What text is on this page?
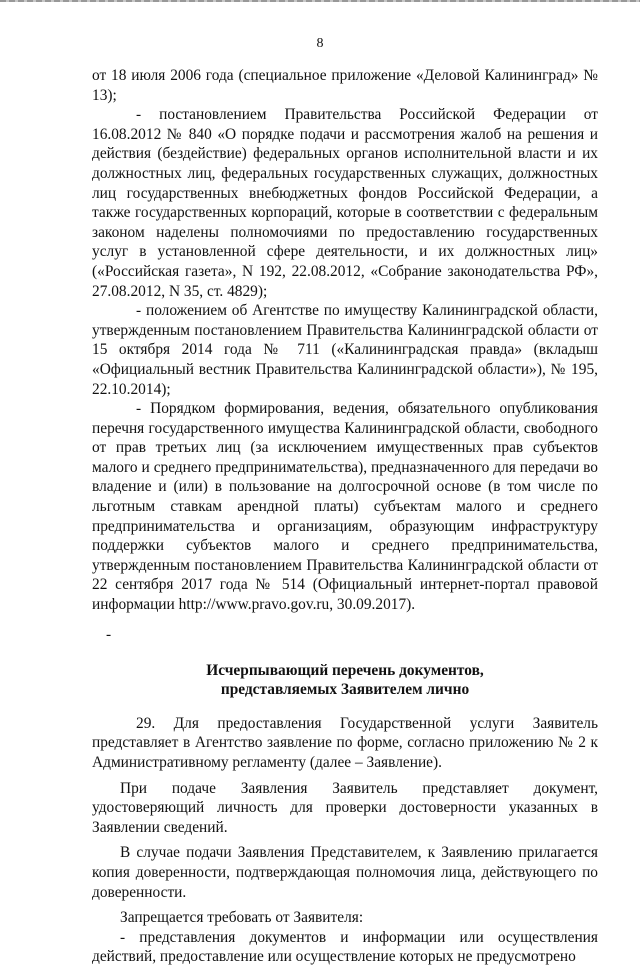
8

от 18 июля 2006 года (специальное приложение «Деловой Калининград» № 13);

- постановлением Правительства Российской Федерации от 16.08.2012 № 840 «О порядке подачи и рассмотрения жалоб на решения и действия (бездействие) федеральных органов исполнительной власти и их должностных лиц, федеральных государственных служащих, должностных лиц государственных внебюджетных фондов Российской Федерации, а также государственных корпораций, которые в соответствии с федеральным законом наделены полномочиями по предоставлению государственных услуг в установленной сфере деятельности, и их должностных лиц» («Российская газета», N 192, 22.08.2012, «Собрание законодательства РФ», 27.08.2012, N 35, ст. 4829);

- положением об Агентстве по имуществу Калининградской области, утвержденным постановлением Правительства Калининградской области от 15 октября 2014 года № 711 («Калининградская правда» (вкладыш «Официальный вестник Правительства Калининградской области»), № 195, 22.10.2014);

- Порядком формирования, ведения, обязательного опубликования перечня государственного имущества Калининградской области, свободного от прав третьих лиц (за исключением имущественных прав субъектов малого и среднего предпринимательства), предназначенного для передачи во владение и (или) в пользование на долгосрочной основе (в том числе по льготным ставкам арендной платы) субъектам малого и среднего предпринимательства и организациям, образующим инфраструктуру поддержки субъектов малого и среднего предпринимательства, утвержденным постановлением Правительства Калининградской области от 22 сентября 2017 года № 514 (Официальный интернет-портал правовой информации http://www.pravo.gov.ru, 30.09.2017).

-
Исчерпывающий перечень документов,
представляемых Заявителем лично

29. Для предоставления Государственной услуги Заявитель представляет в Агентство заявление по форме, согласно приложению № 2 к Административному регламенту (далее – Заявление).

При подаче Заявления Заявитель представляет документ, удостоверяющий личность для проверки достоверности указанных в Заявлении сведений.

В случае подачи Заявления Представителем, к Заявлению прилагается копия доверенности, подтверждающая полномочия лица, действующего по доверенности.

Запрещается требовать от Заявителя:

- представления документов и информации или осуществления действий, предоставление или осуществление которых не предусмотрено
